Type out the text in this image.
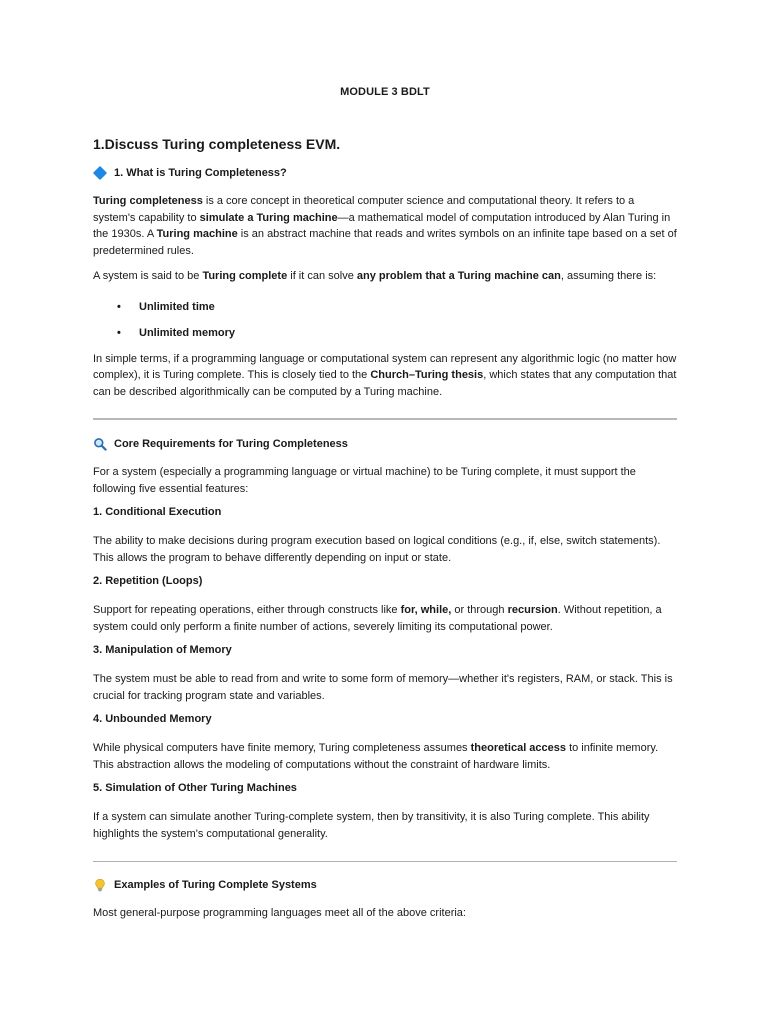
MODULE 3 BDLT
1.Discuss Turing completeness EVM.
1. What is Turing Completeness?

Turing completeness is a core concept in theoretical computer science and computational theory. It refers to a system's capability to simulate a Turing machine—a mathematical model of computation introduced by Alan Turing in the 1930s. A Turing machine is an abstract machine that reads and writes symbols on an infinite tape based on a set of predetermined rules.

A system is said to be Turing complete if it can solve any problem that a Turing machine can, assuming there is:

• Unlimited time
• Unlimited memory

In simple terms, if a programming language or computational system can represent any algorithmic logic (no matter how complex), it is Turing complete. This is closely tied to the Church–Turing thesis, which states that any computation that can be described algorithmically can be computed by a Turing machine.

Core Requirements for Turing Completeness

For a system (especially a programming language or virtual machine) to be Turing complete, it must support the following five essential features:

1. Conditional Execution

The ability to make decisions during program execution based on logical conditions (e.g., if, else, switch statements). This allows the program to behave differently depending on input or state.

2. Repetition (Loops)

Support for repeating operations, either through constructs like for, while, or through recursion. Without repetition, a system could only perform a finite number of actions, severely limiting its computational power.

3. Manipulation of Memory

The system must be able to read from and write to some form of memory—whether it's registers, RAM, or stack. This is crucial for tracking program state and variables.

4. Unbounded Memory

While physical computers have finite memory, Turing completeness assumes theoretical access to infinite memory. This abstraction allows the modeling of computations without the constraint of hardware limits.

5. Simulation of Other Turing Machines

If a system can simulate another Turing-complete system, then by transitivity, it is also Turing complete. This ability highlights the system's computational generality.

Examples of Turing Complete Systems

Most general-purpose programming languages meet all of the above criteria:
